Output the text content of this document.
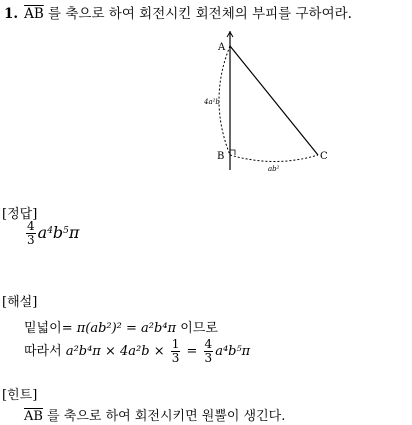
1. $\overline{AB}$ 를 축으로 하여 회전시킨 회전체의 부피를 구하여라.
A
B	C
4a²b
ab²
[정답]
$\frac{4}{3} a^4b^5\pi$
[해설]
밑넓이= π(ab²)² = a²b⁴π 이므로
따라서 $a^2b^4\pi \times 4a^2b \times \frac{1}{3} = \frac{4}{3} a^4b^5\pi$
[힌트]
$\overline{AB}$ 를 축으로 하여 회전시키면 원뿔이 생긴다.
